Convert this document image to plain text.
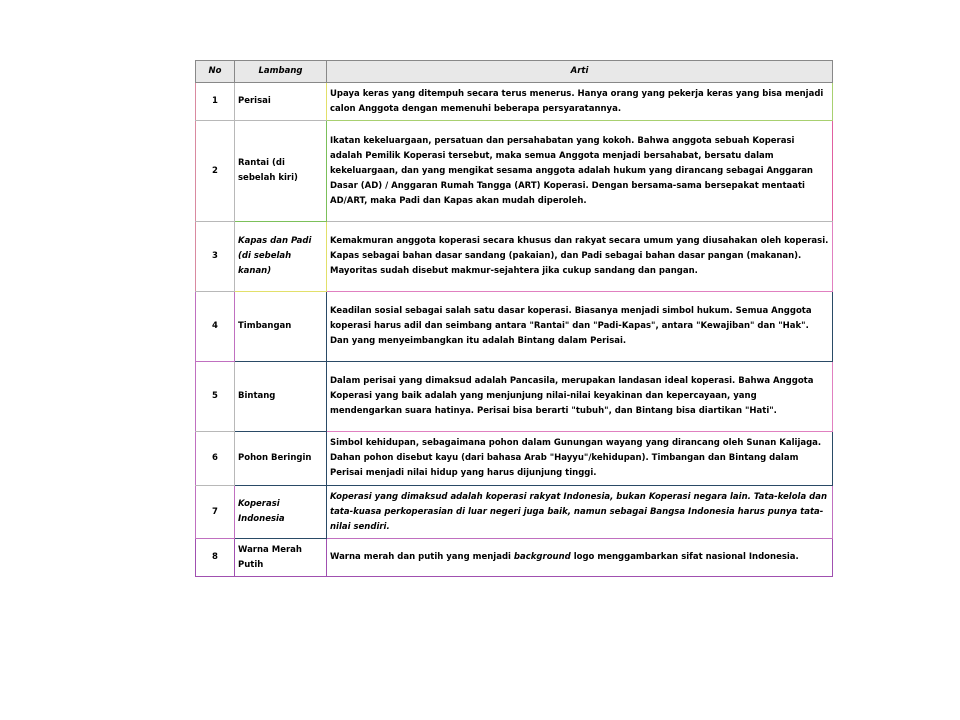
No	Lambang	Arti
1	Perisai	Upaya keras yang ditempuh secara terus menerus. Hanya orang yang pekerja keras yang bisa menjadi calon Anggota dengan memenuhi beberapa persyaratannya.
2	Rantai (di sebelah kiri)	Ikatan kekeluargaan, persatuan dan persahabatan yang kokoh. Bahwa anggota sebuah Koperasi adalah Pemilik Koperasi tersebut, maka semua Anggota menjadi bersahabat, bersatu dalam kekeluargaan, dan yang mengikat sesama anggota adalah hukum yang dirancang sebagai Anggaran Dasar (AD) / Anggaran Rumah Tangga (ART) Koperasi. Dengan bersama-sama bersepakat mentaati AD/ART, maka Padi dan Kapas akan mudah diperoleh.
3	Kapas dan Padi (di sebelah kanan)	Kemakmuran anggota koperasi secara khusus dan rakyat secara umum yang diusahakan oleh koperasi. Kapas sebagai bahan dasar sandang (pakaian), dan Padi sebagai bahan dasar pangan (makanan). Mayoritas sudah disebut makmur-sejahtera jika cukup sandang dan pangan.
4	Timbangan	Keadilan sosial sebagai salah satu dasar koperasi. Biasanya menjadi simbol hukum. Semua Anggota koperasi harus adil dan seimbang antara "Rantai" dan "Padi-Kapas", antara "Kewajiban" dan "Hak". Dan yang menyeimbangkan itu adalah Bintang dalam Perisai.
5	Bintang	Dalam perisai yang dimaksud adalah Pancasila, merupakan landasan ideal koperasi. Bahwa Anggota Koperasi yang baik adalah yang menjunjung nilai-nilai keyakinan dan kepercayaan, yang mendengarkan suara hatinya. Perisai bisa berarti "tubuh", dan Bintang bisa diartikan "Hati".
6	Pohon Beringin	Simbol kehidupan, sebagaimana pohon dalam Gunungan wayang yang dirancang oleh Sunan Kalijaga. Dahan pohon disebut kayu (dari bahasa Arab "Hayyu"/kehidupan). Timbangan dan Bintang dalam Perisai menjadi nilai hidup yang harus dijunjung tinggi.
7	Koperasi Indonesia	Koperasi yang dimaksud adalah koperasi rakyat Indonesia, bukan Koperasi negara lain. Tata-kelola dan tata-kuasa perkoperasian di luar negeri juga baik, namun sebagai Bangsa Indonesia harus punya tata-nilai sendiri.
8	Warna Merah Putih	Warna merah dan putih yang menjadi background logo menggambarkan sifat nasional Indonesia.
